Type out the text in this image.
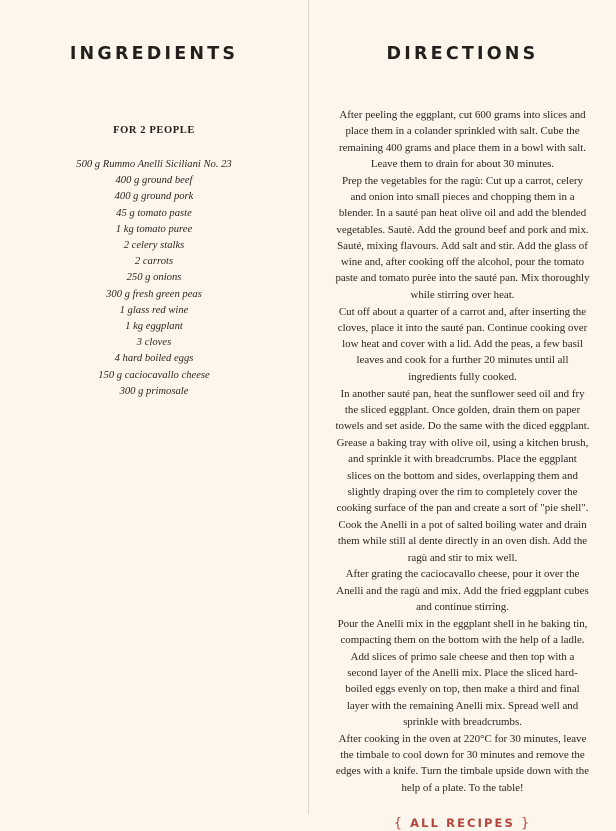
INGREDIENTS
FOR 2 PEOPLE
500 g Rummo Anelli Siciliani No. 23
400 g ground beef
400 g ground pork
45 g tomato paste
1 kg tomato puree
2 celery stalks
2 carrots
250 g onions
300 g fresh green peas
1 glass red wine
1 kg eggplant
3 cloves
4 hard boiled eggs
150 g caciocavallo cheese
300 g primosale
DIRECTIONS

After peeling the eggplant, cut 600 grams into slices and place them in a colander sprinkled with salt. Cube the remaining 400 grams and place them in a bowl with salt. Leave them to drain for about 30 minutes.

Prep the vegetables for the ragù: Cut up a carrot, celery and onion into small pieces and chopping them in a blender. In a sauté pan heat olive oil and add the blended vegetables. Sautè. Add the ground beef and pork and mix. Sauté, mixing flavours. Add salt and stir. Add the glass of wine and, after cooking off the alcohol, pour the tomato paste and tomato purèe into the sauté pan. Mix thoroughly while stirring over heat.

Cut off about a quarter of a carrot and, after inserting the cloves, place it into the sauté pan. Continue cooking over low heat and cover with a lid. Add the peas, a few basil leaves and cook for a further 20 minutes until all ingredients fully cooked.

In another sauté pan, heat the sunflower seed oil and fry the sliced eggplant. Once golden, drain them on paper towels and set aside. Do the same with the diced eggplant.

Grease a baking tray with olive oil, using a kitchen brush, and sprinkle it with breadcrumbs. Place the eggplant slices on the bottom and sides, overlapping them and slightly draping over the rim to completely cover the cooking surface of the pan and create a sort of "pie shell".

Cook the Anelli in a pot of salted boiling water and drain them while still al dente directly in an oven dish. Add the ragù and stir to mix well.

After grating the caciocavallo cheese, pour it over the Anelli and the ragù and mix. Add the fried eggplant cubes and continue stirring.

Pour the Anelli mix in the eggplant shell in he baking tin, compacting them on the bottom with the help of a ladle.

Add slices of primo sale cheese and then top with a second layer of the Anelli mix. Place the sliced hard-boiled eggs evenly on top, then make a third and final layer with the remaining Anelli mix. Spread well and sprinkle with breadcrumbs.

After cooking in the oven at 220°C for 30 minutes, leave the timbale to cool down for 30 minutes and remove the edges with a knife. Turn the timbale upside down with the help of a plate. To the table!

{ ALL RECIPES }
